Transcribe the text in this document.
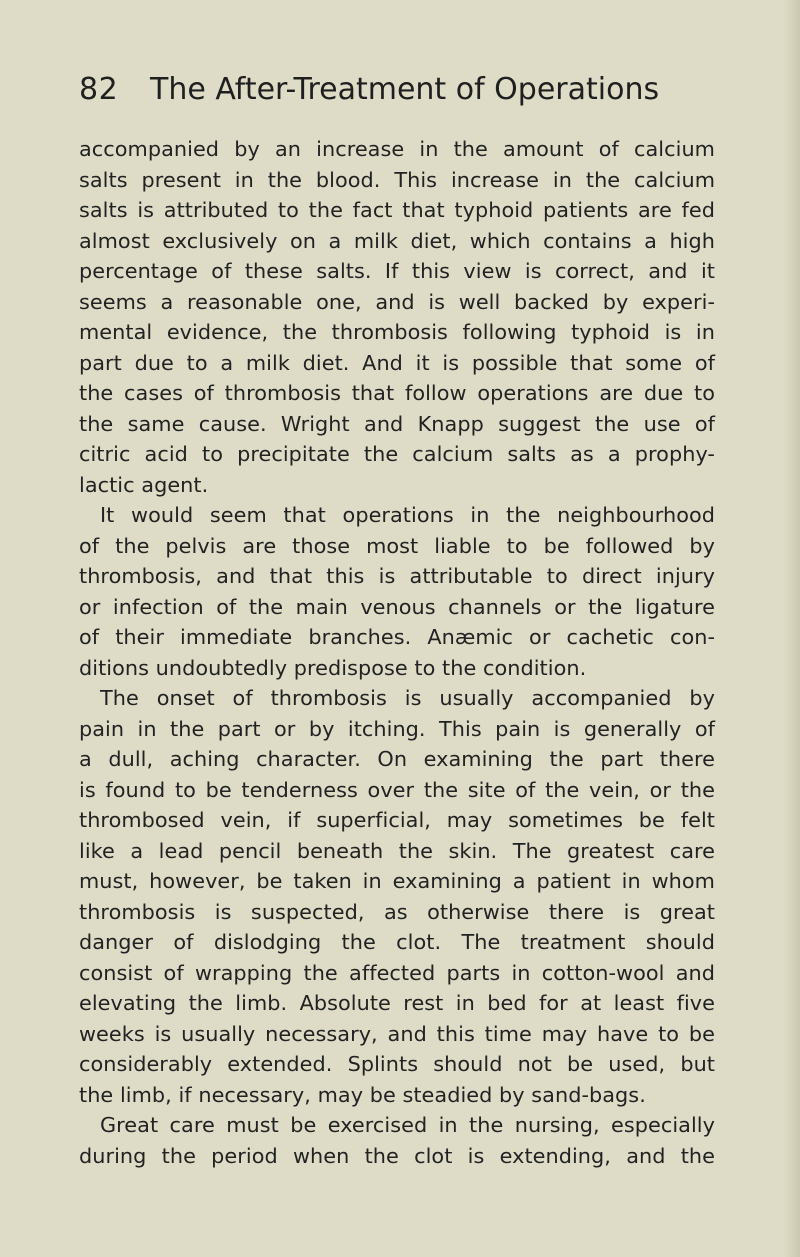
82 The After-Treatment of Operations
accompanied by an increase in the amount of calcium
salts present in the blood. This increase in the calcium
salts is attributed to the fact that typhoid patients are fed
almost exclusively on a milk diet, which contains a high
percentage of these salts. If this view is correct, and it
seems a reasonable one, and is well backed by experi-
mental evidence, the thrombosis following typhoid is in
part due to a milk diet. And it is possible that some of
the cases of thrombosis that follow operations are due to
the same cause. Wright and Knapp suggest the use of
citric acid to precipitate the calcium salts as a prophy-
lactic agent.
It would seem that operations in the neighbourhood
of the pelvis are those most liable to be followed by
thrombosis, and that this is attributable to direct injury
or infection of the main venous channels or the ligature
of their immediate branches. Anæmic or cachetic con-
ditions undoubtedly predispose to the condition.
The onset of thrombosis is usually accompanied by
pain in the part or by itching. This pain is generally of
a dull, aching character. On examining the part there
is found to be tenderness over the site of the vein, or the
thrombosed vein, if superficial, may sometimes be felt
like a lead pencil beneath the skin. The greatest care
must, however, be taken in examining a patient in whom
thrombosis is suspected, as otherwise there is great
danger of dislodging the clot. The treatment should
consist of wrapping the affected parts in cotton-wool and
elevating the limb. Absolute rest in bed for at least five
weeks is usually necessary, and this time may have to be
considerably extended. Splints should not be used, but
the limb, if necessary, may be steadied by sand-bags.
Great care must be exercised in the nursing, especially
during the period when the clot is extending, and the
